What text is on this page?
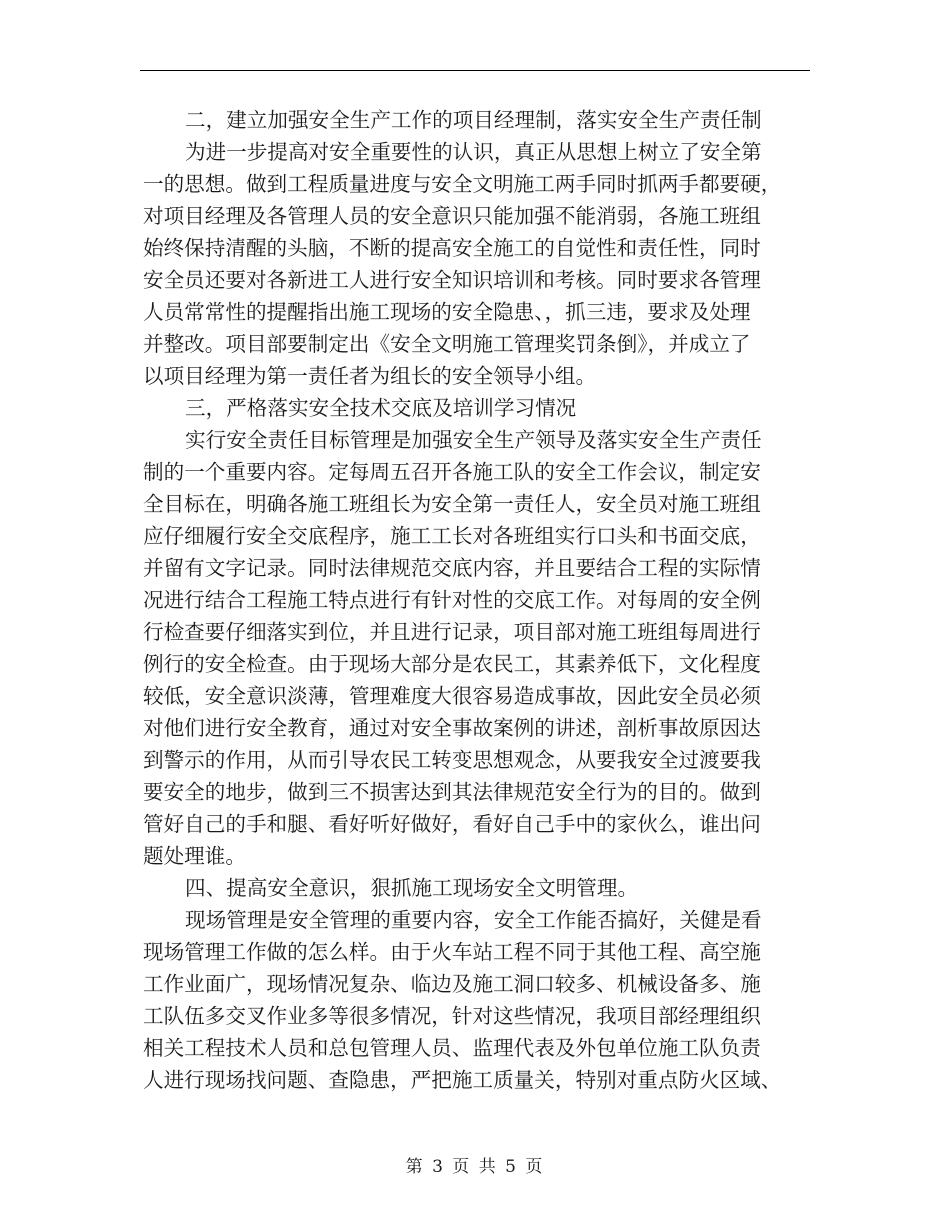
二，建立加强安全生产工作的项目经理制，落实安全生产责任制
为进一步提高对安全重要性的认识，真正从思想上树立了安全第
一的思想。做到工程质量进度与安全文明施工两手同时抓两手都要硬，
对项目经理及各管理人员的安全意识只能加强不能消弱，各施工班组
始终保持清醒的头脑，不断的提高安全施工的自觉性和责任性，同时
安全员还要对各新进工人进行安全知识培训和考核。同时要求各管理
人员常常性的提醒指出施工现场的安全隐患、，抓三违，要求及处理
并整改。项目部要制定出《安全文明施工管理奖罚条倒》，并成立了
以项目经理为第一责任者为组长的安全领导小组。
三，严格落实安全技术交底及培训学习情况
实行安全责任目标管理是加强安全生产领导及落实安全生产责任
制的一个重要内容。定每周五召开各施工队的安全工作会议，制定安
全目标在，明确各施工班组长为安全第一责任人，安全员对施工班组
应仔细履行安全交底程序，施工工长对各班组实行口头和书面交底，
并留有文字记录。同时法律规范交底内容，并且要结合工程的实际情
况进行结合工程施工特点进行有针对性的交底工作。对每周的安全例
行检查要仔细落实到位，并且进行记录，项目部对施工班组每周进行
例行的安全检查。由于现场大部分是农民工，其素养低下，文化程度
较低，安全意识淡薄，管理难度大很容易造成事故，因此安全员必须
对他们进行安全教育，通过对安全事故案例的讲述，剖析事故原因达
到警示的作用，从而引导农民工转变思想观念，从要我安全过渡要我
要安全的地步，做到三不损害达到其法律规范安全行为的目的。做到
管好自己的手和腿、看好听好做好，看好自己手中的家伙么，谁出问
题处理谁。
四、提高安全意识，狠抓施工现场安全文明管理。
现场管理是安全管理的重要内容，安全工作能否搞好，关健是看
现场管理工作做的怎么样。由于火车站工程不同于其他工程、高空施
工作业面广，现场情况复杂、临边及施工洞口较多、机械设备多、施
工队伍多交叉作业多等很多情况，针对这些情况，我项目部经理组织
相关工程技术人员和总包管理人员、监理代表及外包单位施工队负责
人进行现场找问题、查隐患，严把施工质量关，特别对重点防火区域、
第 3 页 共 5 页
